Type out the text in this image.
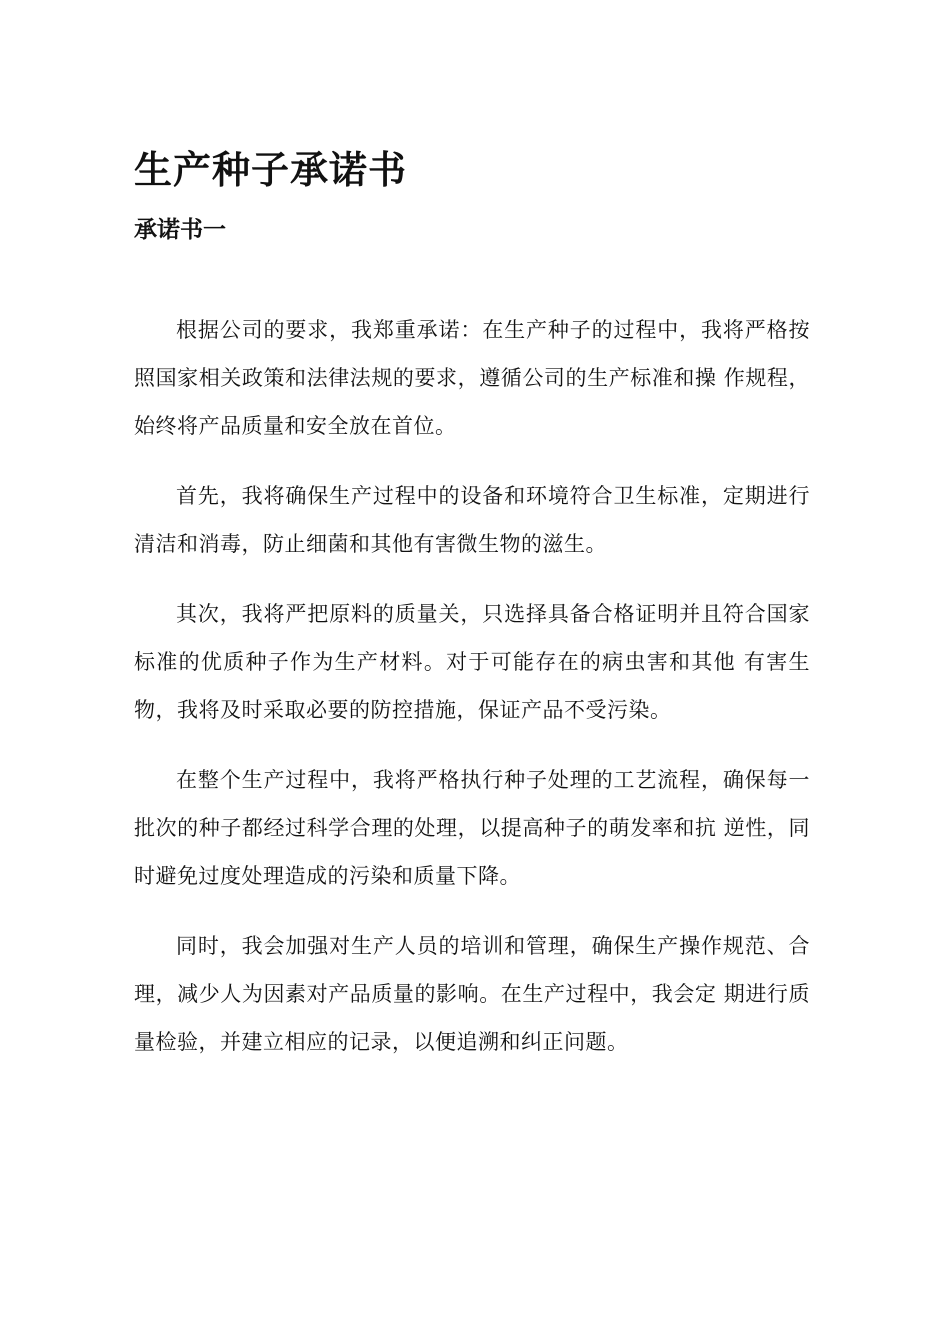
生产种子承诺书
承诺书一

根据公司的要求，我郑重承诺：在生产种子的过程中，我将严格按照国家相关政策和法律法规的要求，遵循公司的生产标准和操 作规程，始终将产品质量和安全放在首位。

首先，我将确保生产过程中的设备和环境符合卫生标准，定期进行清洁和消毒，防止细菌和其他有害微生物的滋生。

其次，我将严把原料的质量关，只选择具备合格证明并且符合国家标准的优质种子作为生产材料。对于可能存在的病虫害和其他 有害生物，我将及时采取必要的防控措施，保证产品不受污染。

在整个生产过程中，我将严格执行种子处理的工艺流程，确保每一批次的种子都经过科学合理的处理，以提高种子的萌发率和抗 逆性，同时避免过度处理造成的污染和质量下降。

同时，我会加强对生产人员的培训和管理，确保生产操作规范、合理，减少人为因素对产品质量的影响。在生产过程中，我会定 期进行质量检验，并建立相应的记录，以便追溯和纠正问题。
